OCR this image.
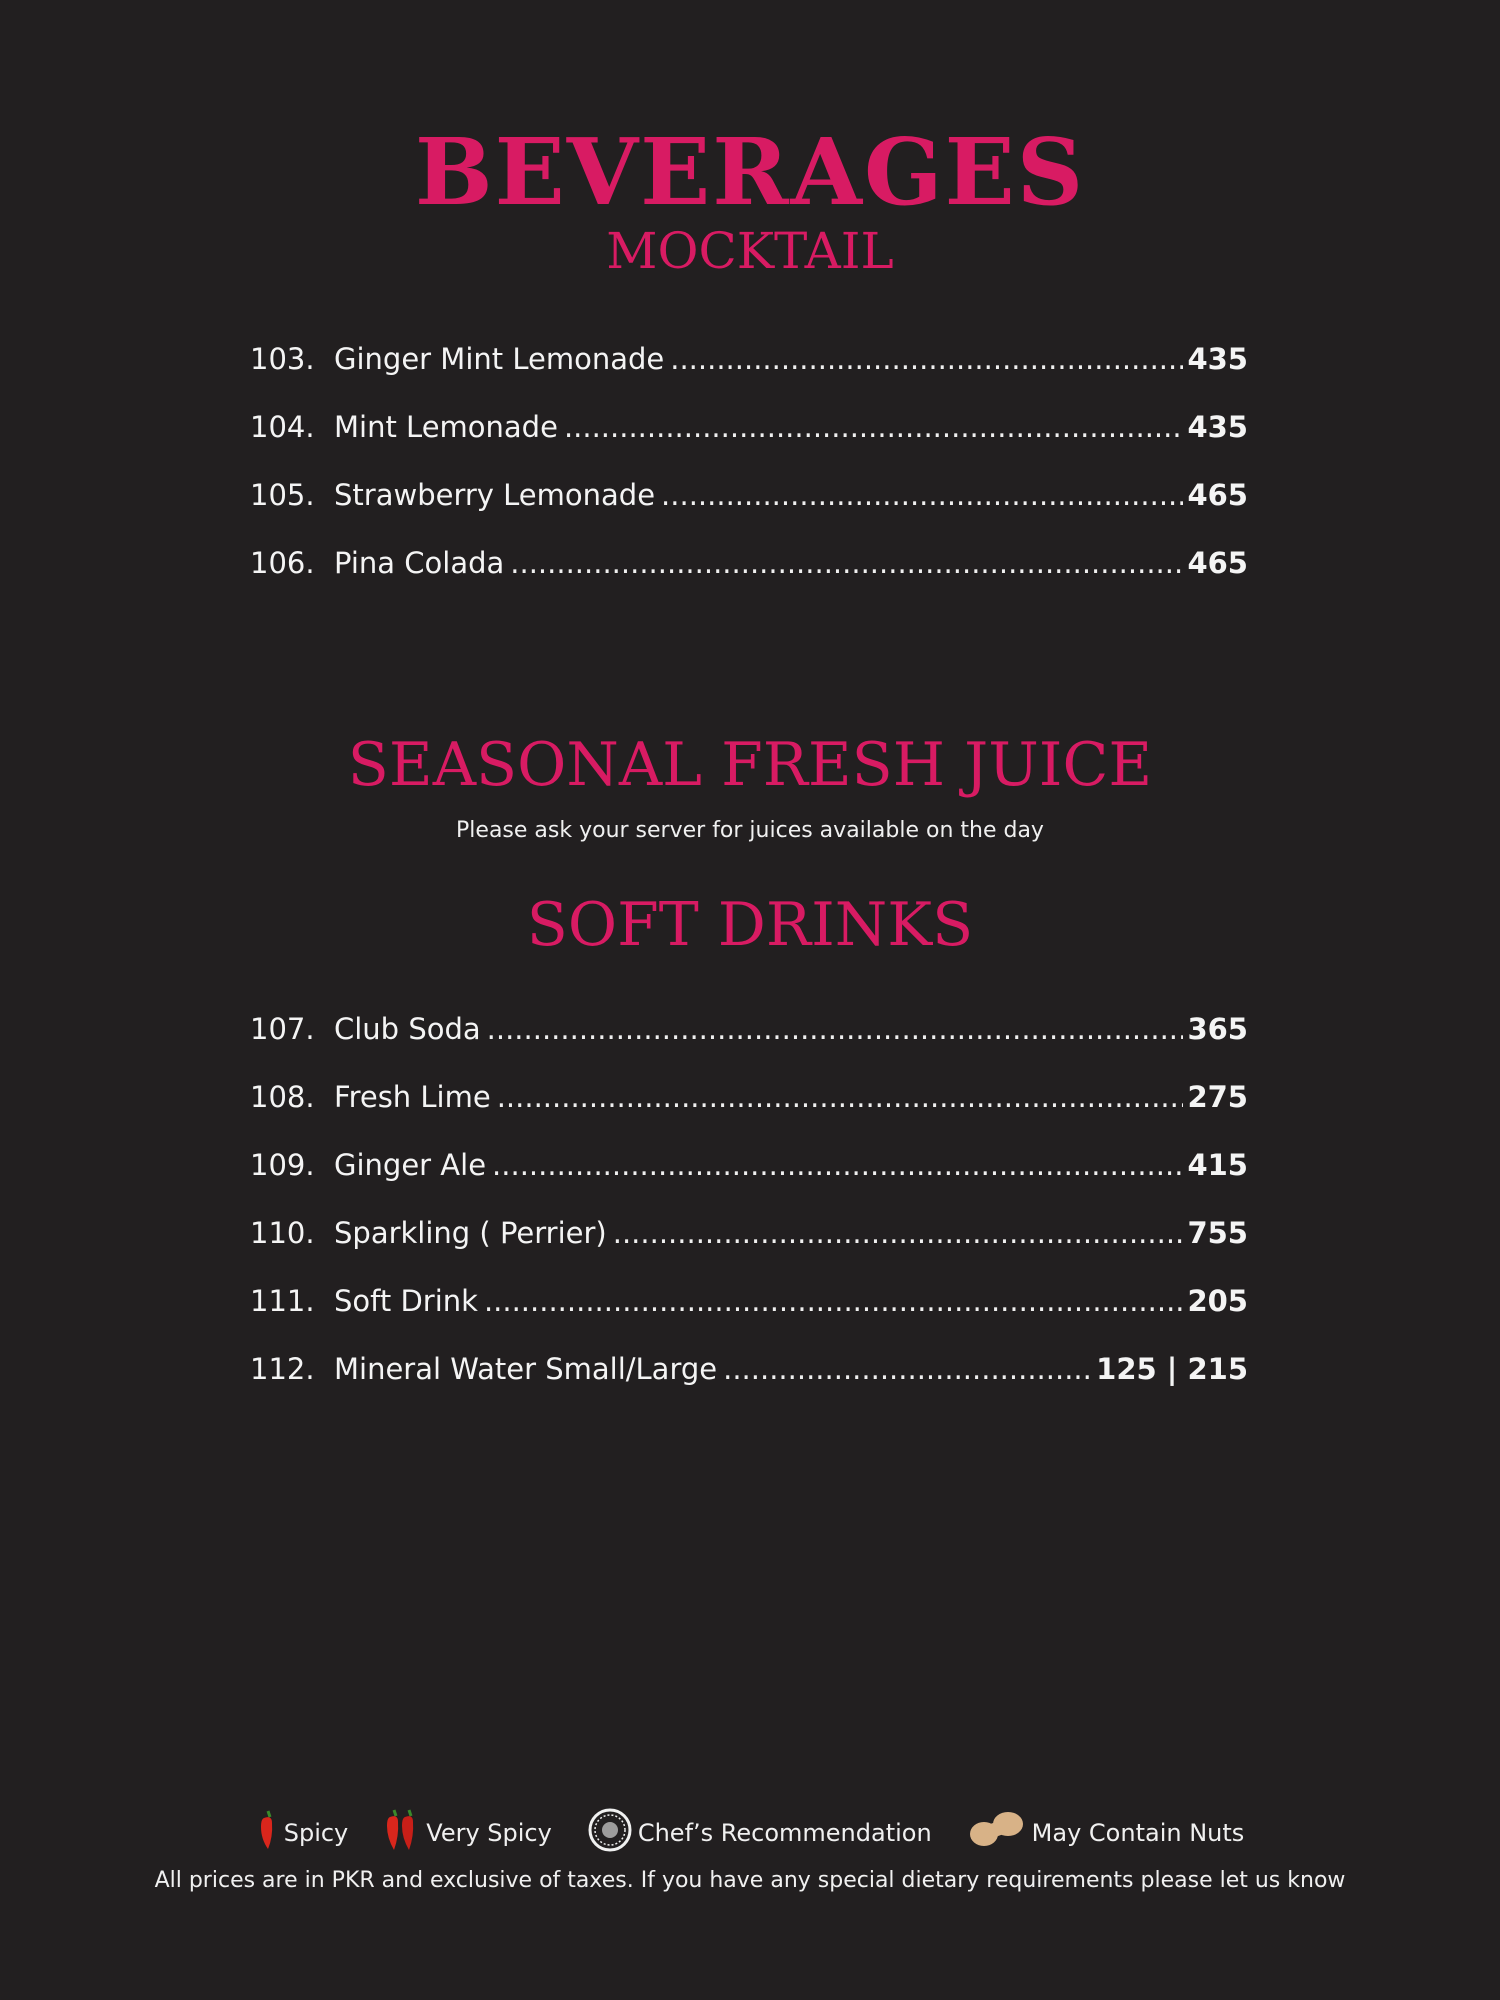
BEVERAGES
MOCKTAIL
103. Ginger Mint Lemonade .....	435
104. Mint Lemonade .....	435
105. Strawberry Lemonade .....	465
106. Pina Colada .....	465
SEASONAL FRESH JUICE
Please ask your server for juices available on the day
SOFT DRINKS
107. Club Soda .....	365
108. Fresh Lime .....	275
109. Ginger Ale .....	415
110. Sparkling ( Perrier) .....	755
111. Soft Drink .....	205
112. Mineral Water Small/Large .....	125 | 215
Spicy	Very Spicy	Chef’s Recommendation	May Contain Nuts
All prices are in PKR and exclusive of taxes. If you have any special dietary requirements please let us know
